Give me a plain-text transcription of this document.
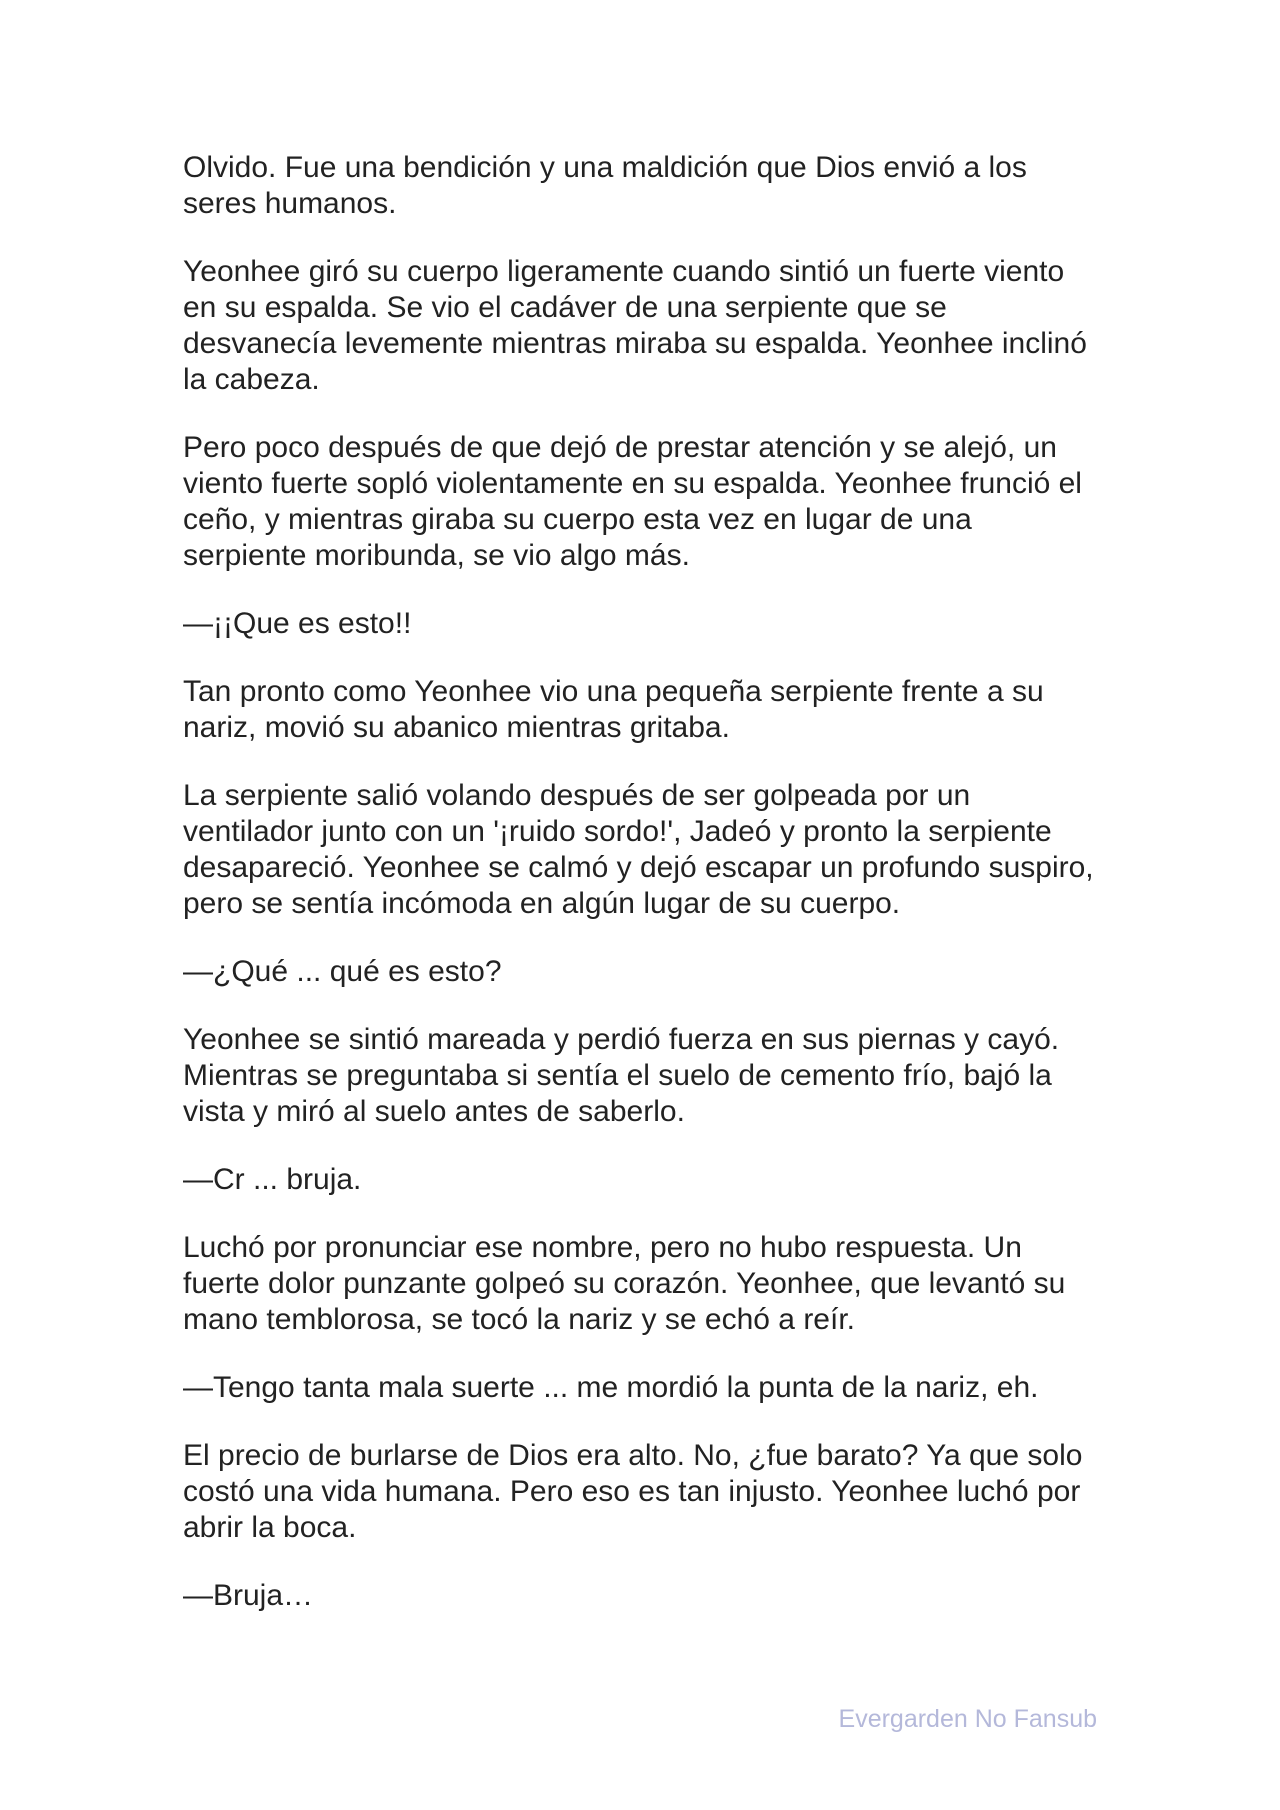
Olvido. Fue una bendición y una maldición que Dios envió a los seres humanos.

Yeonhee giró su cuerpo ligeramente cuando sintió un fuerte viento en su espalda. Se vio el cadáver de una serpiente que se desvanecía levemente mientras miraba su espalda. Yeonhee inclinó la cabeza.

Pero poco después de que dejó de prestar atención y se alejó, un viento fuerte sopló violentamente en su espalda. Yeonhee frunció el ceño, y mientras giraba su cuerpo esta vez en lugar de una serpiente moribunda, se vio algo más.

—¡¡Que es esto!!

Tan pronto como Yeonhee vio una pequeña serpiente frente a su nariz, movió su abanico mientras gritaba.

La serpiente salió volando después de ser golpeada por un ventilador junto con un '¡ruido sordo!', Jadeó y pronto la serpiente desapareció. Yeonhee se calmó y dejó escapar un profundo suspiro, pero se sentía incómoda en algún lugar de su cuerpo.

—¿Qué ... qué es esto?

Yeonhee se sintió mareada y perdió fuerza en sus piernas y cayó. Mientras se preguntaba si sentía el suelo de cemento frío, bajó la vista y miró al suelo antes de saberlo.

—Cr ... bruja.

Luchó por pronunciar ese nombre, pero no hubo respuesta. Un fuerte dolor punzante golpeó su corazón. Yeonhee, que levantó su mano temblorosa, se tocó la nariz y se echó a reír.

—Tengo tanta mala suerte ... me mordió la punta de la nariz, eh.

El precio de burlarse de Dios era alto. No, ¿fue barato? Ya que solo costó una vida humana. Pero eso es tan injusto. Yeonhee luchó por abrir la boca.

—Bruja…

Evergarden No Fansub
